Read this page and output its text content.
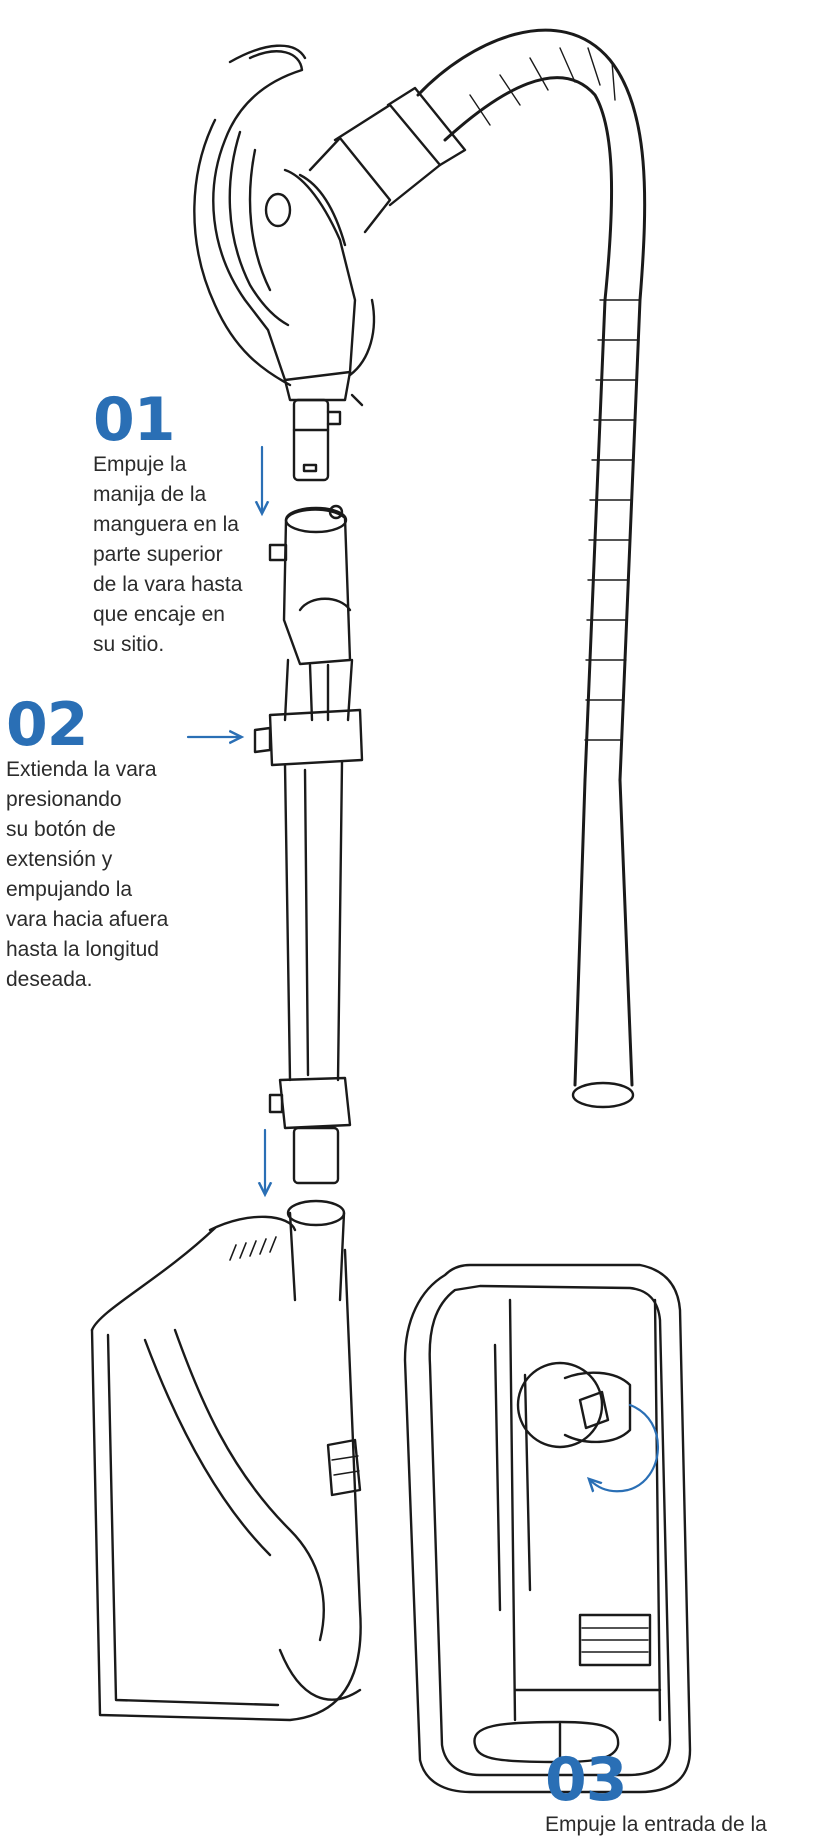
01
Empuje la
manija de la
manguera en la
parte superior
de la vara hasta
que encaje en
su sitio.
02
Extienda la vara
presionando
su botón de
extensión y
empujando la
vara hacia afuera
hasta la longitud
deseada.
03
Empuje la entrada de la
